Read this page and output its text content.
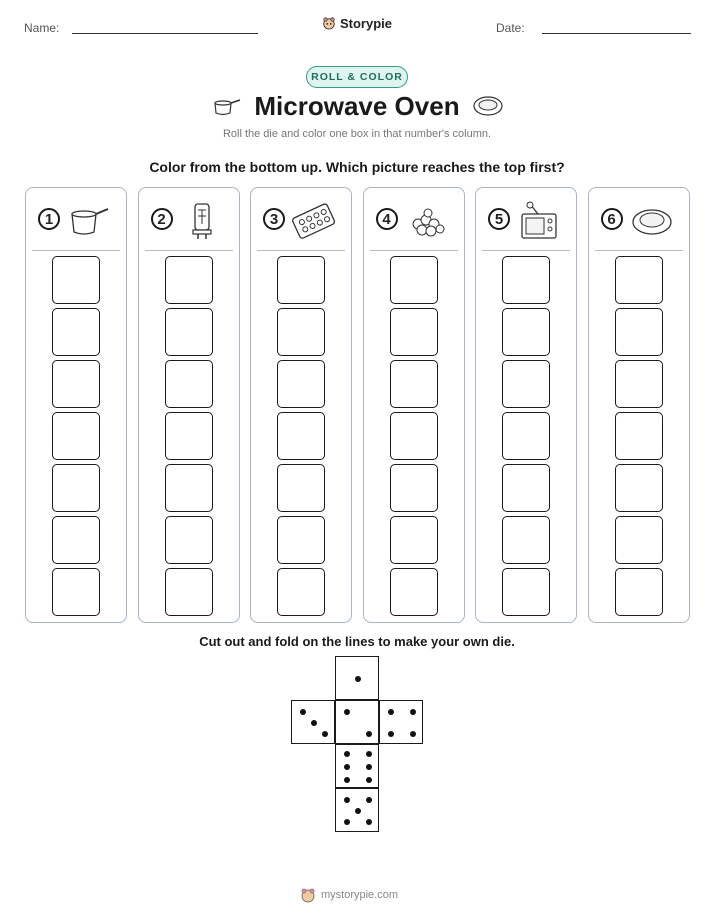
Name:	Storypie	Date:
ROLL & COLOR
Microwave Oven
Roll the die and color one box in that number's column.
Color from the bottom up. Which picture reaches the top first?
1	2	3	4	5	6
Cut out and fold on the lines to make your own die.
mystorypie.com
